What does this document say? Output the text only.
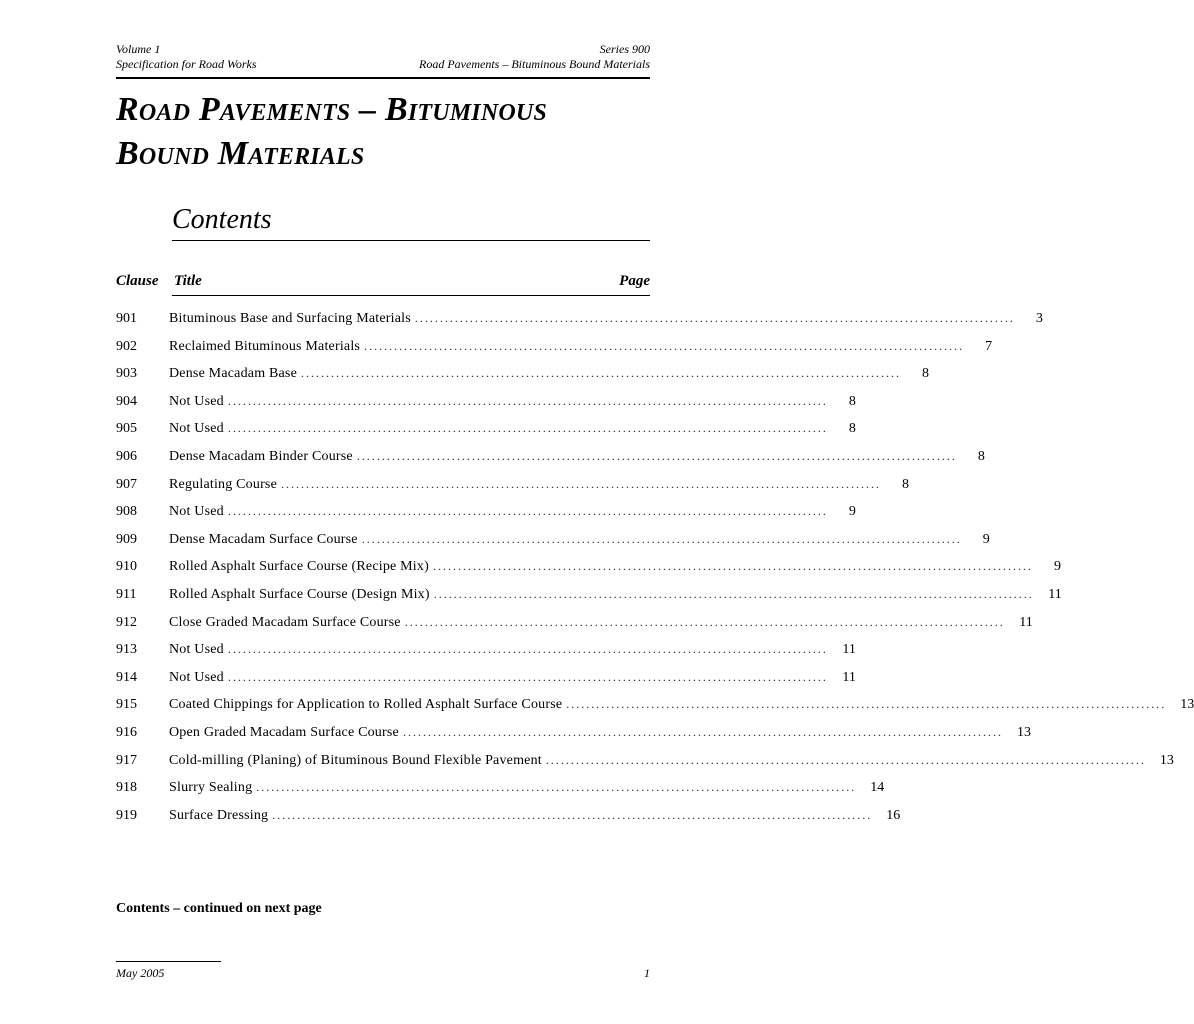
Volume 1	Series 900
Specification for Road Works	Road Pavements – Bituminous Bound Materials
Road Pavements – Bituminous
Bound Materials
Contents
Clause Title	Page
901	Bituminous Base and Surfacing Materials ........................................................................................................................	3
902	Reclaimed Bituminous Materials ........................................................................................................................	7
903	Dense Macadam Base ........................................................................................................................	8
904	Not Used ........................................................................................................................	8
905	Not Used ........................................................................................................................	8
906	Dense Macadam Binder Course ........................................................................................................................	8
907	Regulating Course ........................................................................................................................	8
908	Not Used ........................................................................................................................	9
909	Dense Macadam Surface Course ........................................................................................................................	9
910	Rolled Asphalt Surface Course (Recipe Mix) ........................................................................................................................	9
911	Rolled Asphalt Surface Course (Design Mix) ........................................................................................................................	11
912	Close Graded Macadam Surface Course ........................................................................................................................	11
913	Not Used ........................................................................................................................	11
914	Not Used ........................................................................................................................	11
915	Coated Chippings for Application to Rolled Asphalt Surface Course ........................................................................................................................	13
916	Open Graded Macadam Surface Course ........................................................................................................................	13
917	Cold-milling (Planing) of Bituminous Bound Flexible Pavement ........................................................................................................................	13
918	Slurry Sealing ........................................................................................................................	14
919	Surface Dressing ........................................................................................................................	16
Contents – continued on next page
May 2005	1
